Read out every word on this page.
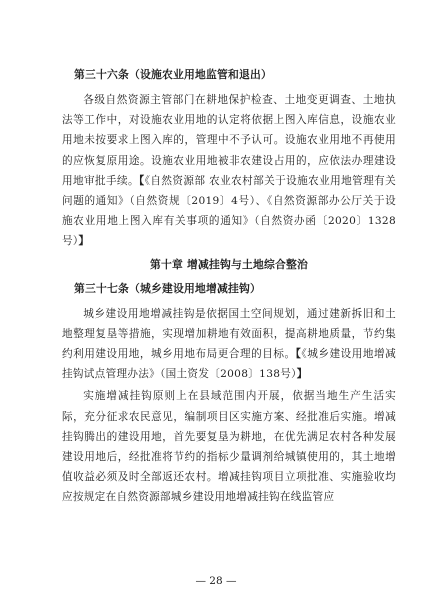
第三十六条（设施农业用地监管和退出）

各级自然资源主管部门在耕地保护检查、土地变更调查、土地执法等工作中，对设施农业用地的认定将依据上图入库信息，设施农业用地未按要求上图入库的，管理中不予认可。设施农业用地不再使用的应恢复原用途。设施农业用地被非农建设占用的，应依法办理建设用地审批手续。【《自然资源部 农业农村部关于设施农业用地管理有关问题的通知》（自然资规〔2019〕4号）、《自然资源部办公厅关于设施农业用地上图入库有关事项的通知》（自然资办函〔2020〕1328号）】

第十章 增减挂钩与土地综合整治
第三十七条（城乡建设用地增减挂钩）

城乡建设用地增减挂钩是依据国土空间规划，通过建新拆旧和土地整理复垦等措施，实现增加耕地有效面积，提高耕地质量，节约集约利用建设用地，城乡用地布局更合理的目标。【《城乡建设用地增减挂钩试点管理办法》（国土资发〔2008〕138号）】

实施增减挂钩原则上在县域范围内开展，依据当地生产生活实际，充分征求农民意见，编制项目区实施方案、经批准后实施。增减挂钩腾出的建设用地，首先要复垦为耕地，在优先满足农村各种发展建设用地后，经批准将节约的指标少量调剂给城镇使用的，其土地增值收益必须及时全部返还农村。增减挂钩项目立项批准、实施验收均应按规定在自然资源部城乡建设用地增减挂钩在线监管应

— 28 —
